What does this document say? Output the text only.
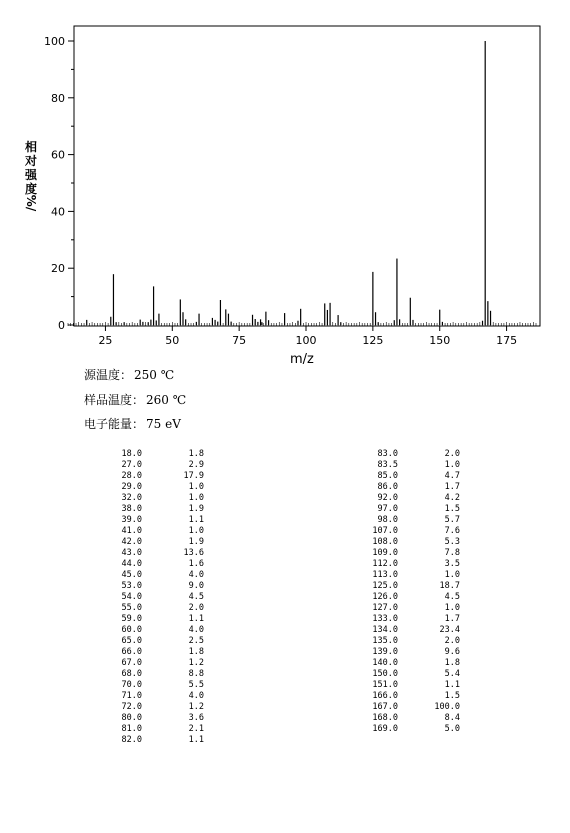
25	50	75	100	125	150	175
0
20
40
60
80
100
相
对
强
度
%/
m/z
源温度： 250 ℃
样品温度： 260 ℃
电子能量： 75 eV
18.0	1.8
27.0	2.9
28.0	17.9
29.0	1.0
32.0	1.0
38.0	1.9
39.0	1.1
41.0	1.0
42.0	1.9
43.0	13.6
44.0	1.6
45.0	4.0
53.0	9.0
54.0	4.5
55.0	2.0
59.0	1.1
60.0	4.0
65.0	2.5
66.0	1.8
67.0	1.2
68.0	8.8
70.0	5.5
71.0	4.0
72.0	1.2
80.0	3.6
81.0	2.1
82.0	1.1
83.0	2.0
83.5	1.0
85.0	4.7
86.0	1.7
92.0	4.2
97.0	1.5
98.0	5.7
107.0	7.6
108.0	5.3
109.0	7.8
112.0	3.5
113.0	1.0
125.0	18.7
126.0	4.5
127.0	1.0
133.0	1.7
134.0	23.4
135.0	2.0
139.0	9.6
140.0	1.8
150.0	5.4
151.0	1.1
166.0	1.5
167.0	100.0
168.0	8.4
169.0	5.0
